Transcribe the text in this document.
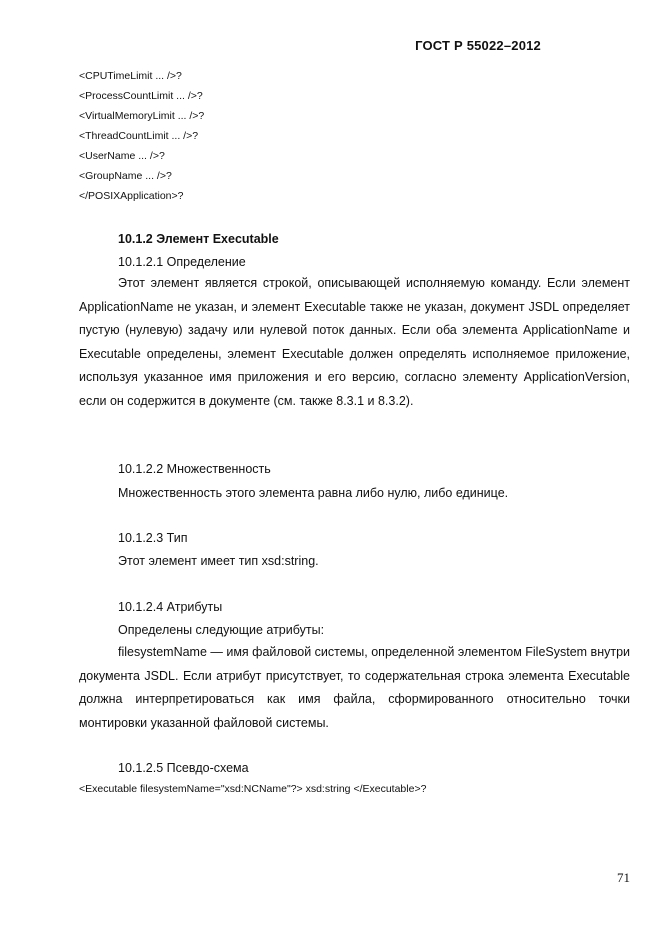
ГОСТ Р 55022–2012
<CPUTimeLimit ... />?
<ProcessCountLimit ... />?
<VirtualMemoryLimit ... />?
<ThreadCountLimit ... />?
<UserName ... />?
<GroupName ... />?
</POSIXApplication>?
10.1.2 Элемент Executable
10.1.2.1 Определение
Этот элемент является строкой, описывающей исполняемую команду. Если элемент ApplicationName не указан, и элемент Executable также не указан, документ JSDL определяет пустую (нулевую) задачу или нулевой поток данных. Если оба элемента ApplicationName и Executable определены, элемент Executable должен определять исполняемое приложение, используя указанное имя приложения и его версию, согласно элементу ApplicationVersion, если он содержится в документе (см. также 8.3.1 и 8.3.2).
10.1.2.2 Множественность
Множественность этого элемента равна либо нулю, либо единице.
10.1.2.3 Тип
Этот элемент имеет тип xsd:string.
10.1.2.4 Атрибуты
Определены следующие атрибуты:
filesystemName — имя файловой системы, определенной элементом FileSystem внутри документа JSDL. Если атрибут присутствует, то содержательная строка элемента Executable должна интерпретироваться как имя файла, сформированного относительно точки монтировки указанной файловой системы.
10.1.2.5 Псевдо-схема
<Executable filesystemName="xsd:NCName"?> xsd:string </Executable>?
71
